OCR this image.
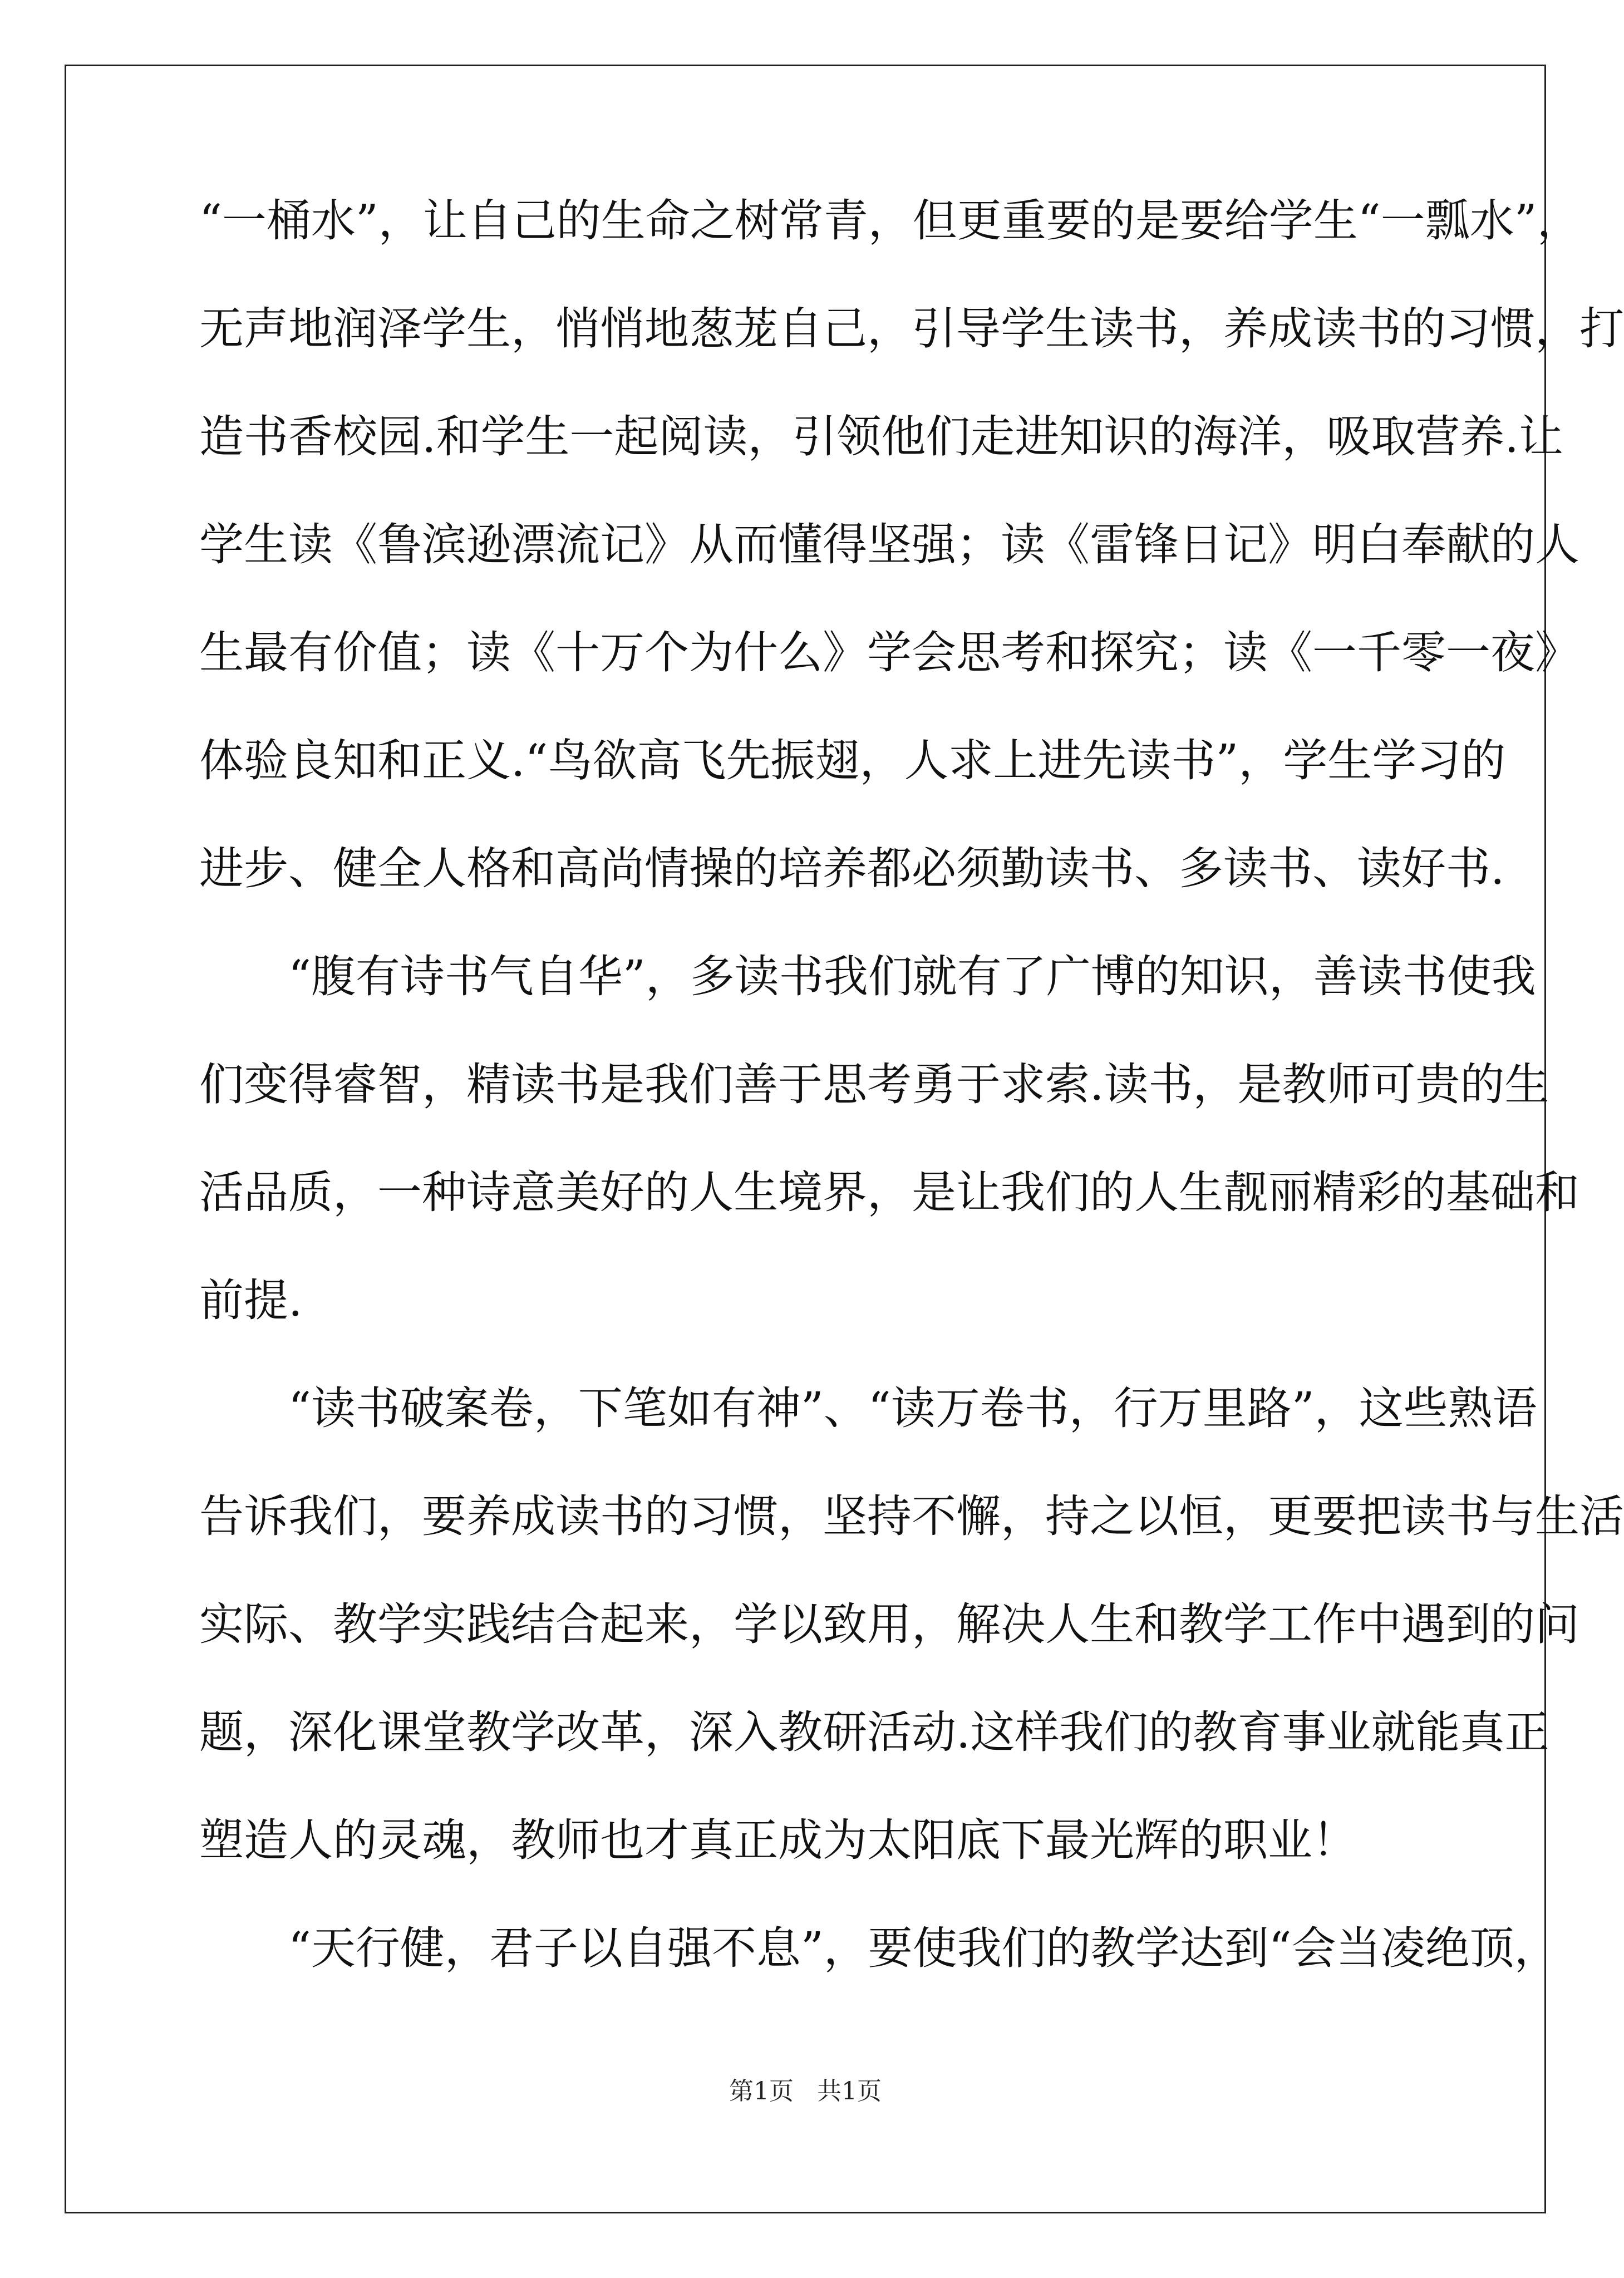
“一桶水”，让自己的生命之树常青，但更重要的是要给学生“一瓢水”，
无声地润泽学生，悄悄地葱茏自己，引导学生读书，养成读书的习惯，打
造书香校园.和学生一起阅读，引领他们走进知识的海洋，吸取营养.让
学生读《鲁滨逊漂流记》从而懂得坚强；读《雷锋日记》明白奉献的人
生最有价值；读《十万个为什么》学会思考和探究；读《一千零一夜》
体验良知和正义.“鸟欲高飞先振翅，人求上进先读书”，学生学习的
进步、健全人格和高尚情操的培养都必须勤读书、多读书、读好书.
“腹有诗书气自华”，多读书我们就有了广博的知识，善读书使我
们变得睿智，精读书是我们善于思考勇于求索.读书，是教师可贵的生
活品质，一种诗意美好的人生境界，是让我们的人生靓丽精彩的基础和
前提.
“读书破案卷，下笔如有神”、“读万卷书，行万里路”，这些熟语
告诉我们，要养成读书的习惯，坚持不懈，持之以恒，更要把读书与生活
实际、教学实践结合起来，学以致用，解决人生和教学工作中遇到的问
题，深化课堂教学改革，深入教研活动.这样我们的教育事业就能真正
塑造人的灵魂，教师也才真正成为太阳底下最光辉的职业！
“天行健，君子以自强不息”，要使我们的教学达到“会当凌绝顶，
第1页   共1页
